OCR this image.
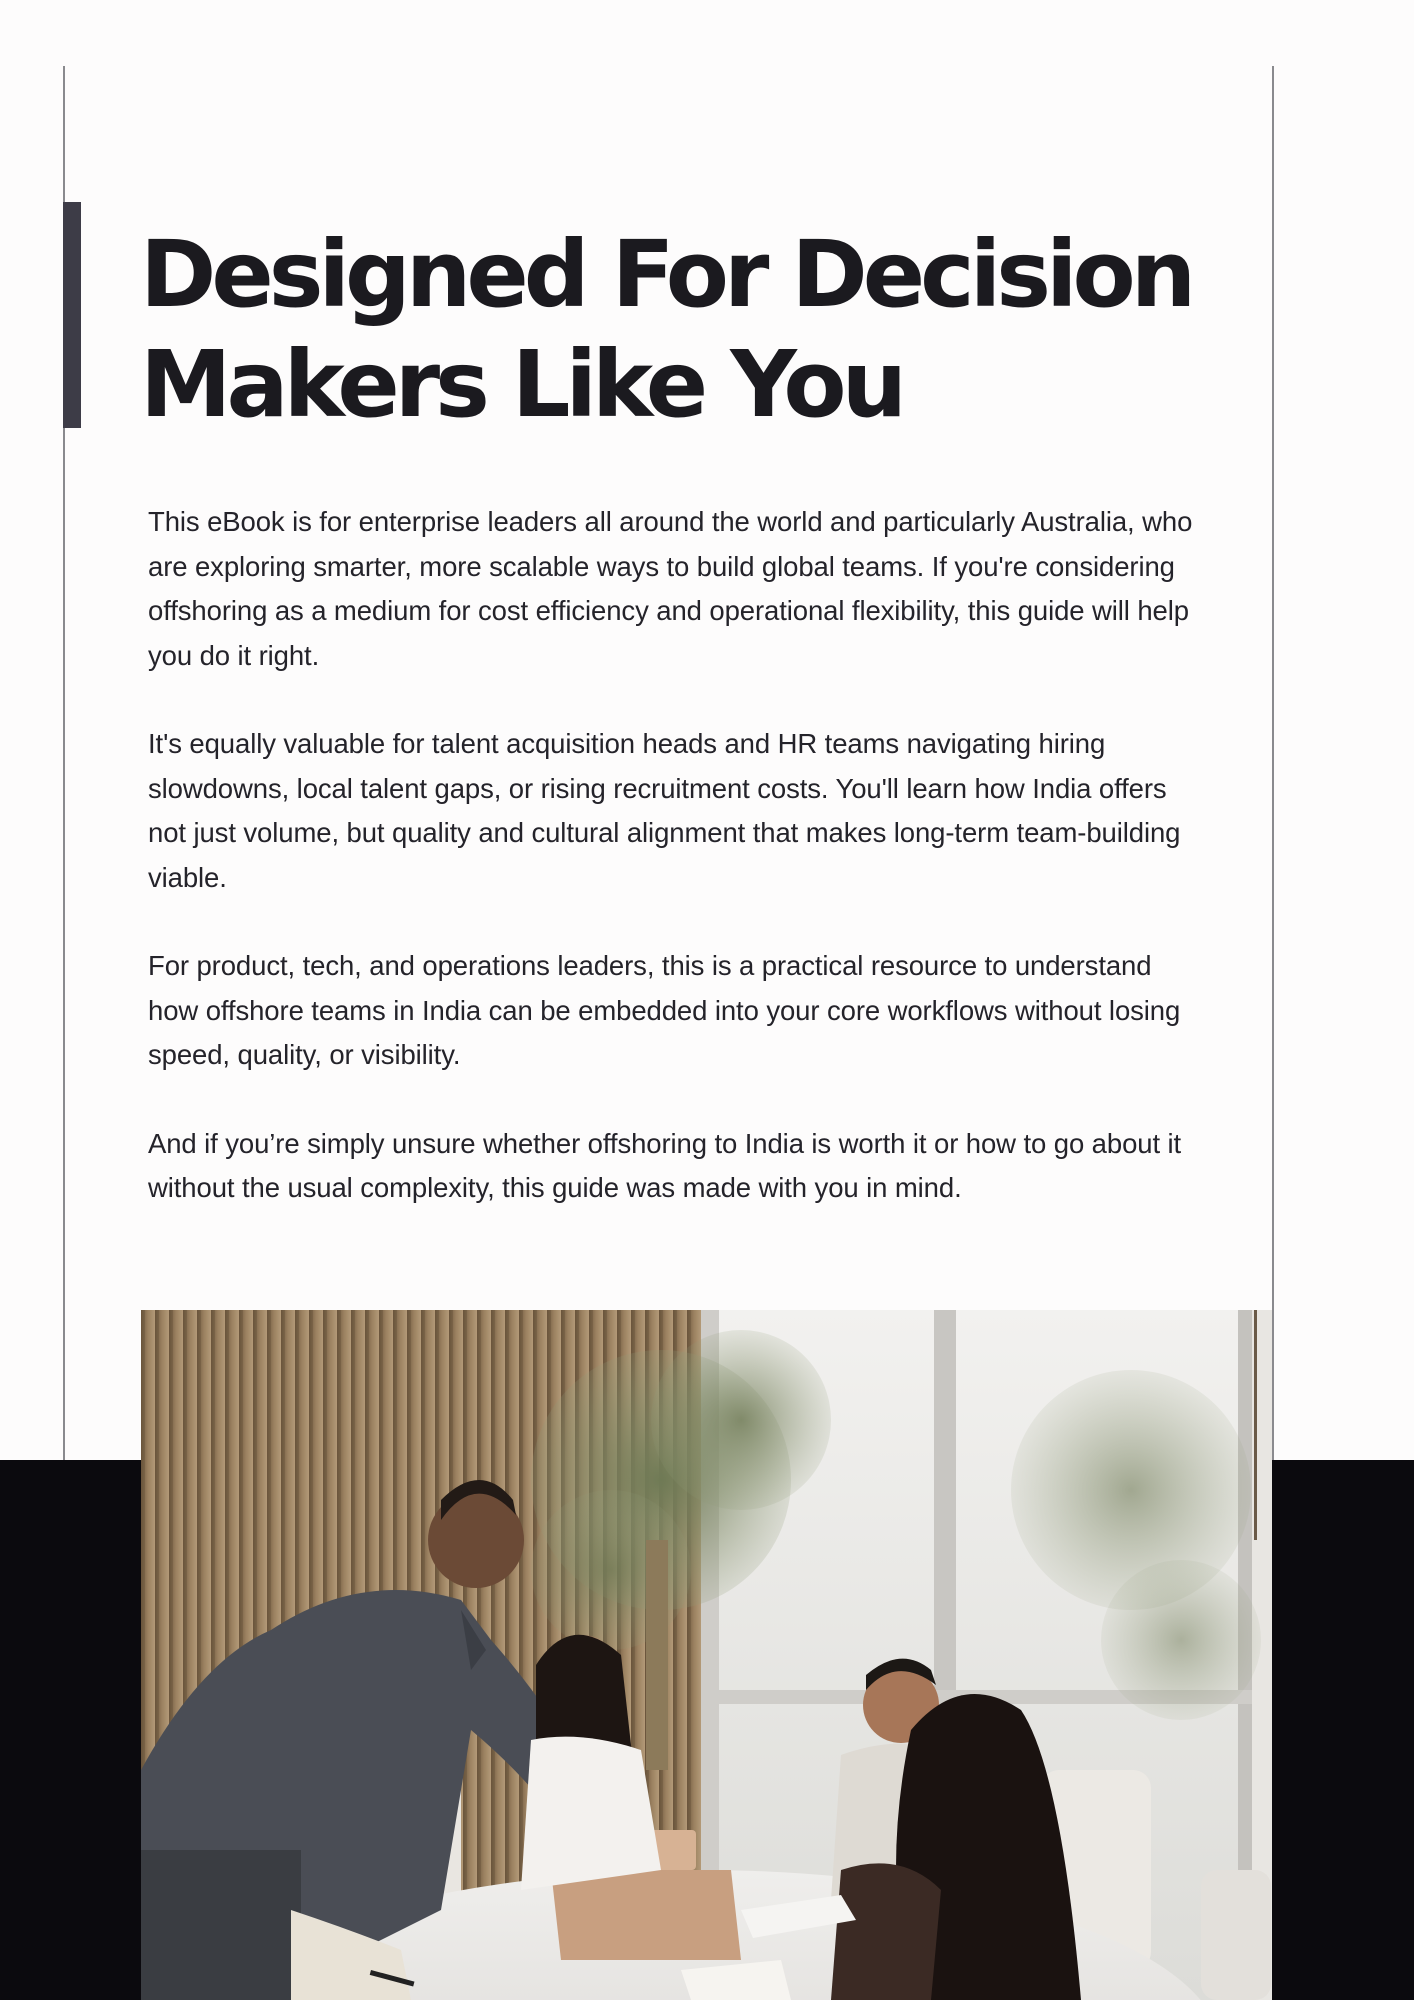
Designed For Decision
Makers Like You

This eBook is for enterprise leaders all around the world and particularly Australia, who are exploring smarter, more scalable ways to build global teams. If you're considering offshoring as a medium for cost efficiency and operational flexibility, this guide will help you do it right.

It's equally valuable for talent acquisition heads and HR teams navigating hiring slowdowns, local talent gaps, or rising recruitment costs. You'll learn how India offers not just volume, but quality and cultural alignment that makes long-term team-building viable.

For product, tech, and operations leaders, this is a practical resource to understand how offshore teams in India can be embedded into your core workflows without losing speed, quality, or visibility.

And if you’re simply unsure whether offshoring to India is worth it or how to go about it without the usual complexity, this guide was made with you in mind.
